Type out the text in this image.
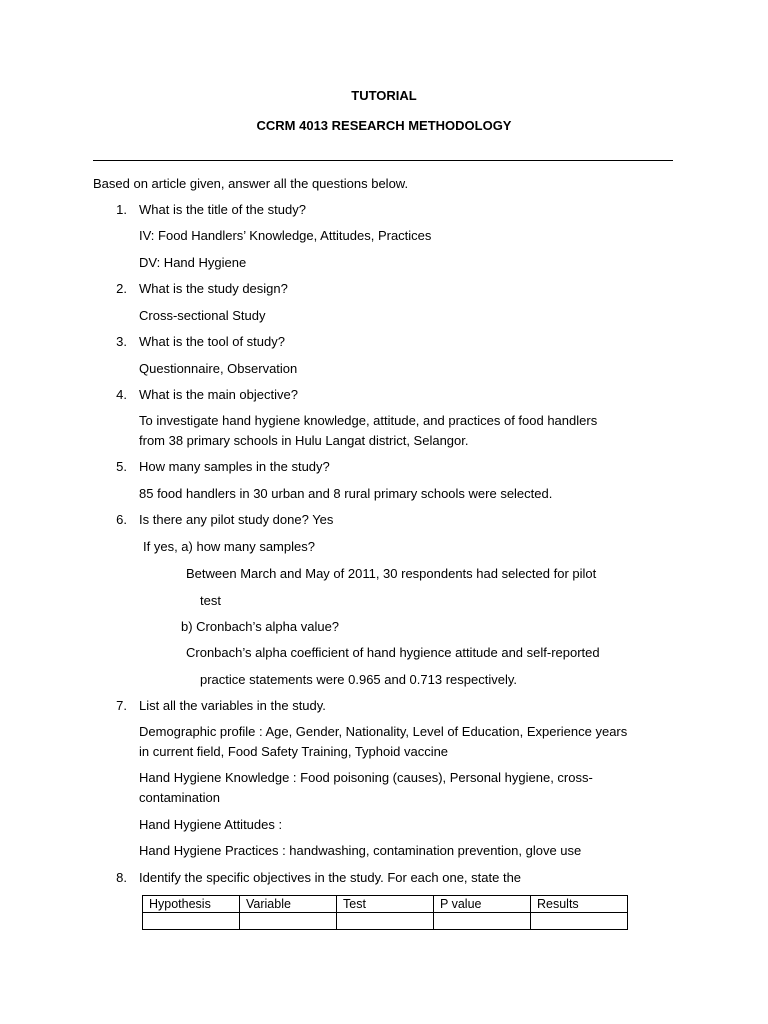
TUTORIAL
CCRM 4013 RESEARCH METHODOLOGY
Based on article given, answer all the questions below.
1. What is the title of the study?
IV: Food Handlers’ Knowledge, Attitudes, Practices
DV: Hand Hygiene
2. What is the study design?
Cross-sectional Study
3. What is the tool of study?
Questionnaire, Observation
4. What is the main objective?
To investigate hand hygiene knowledge, attitude, and practices of food handlers
from 38 primary schools in Hulu Langat district, Selangor.
5. How many samples in the study?
85 food handlers in 30 urban and 8 rural primary schools were selected.
6. Is there any pilot study done? Yes
If yes, a) how many samples?
Between March and May of 2011, 30 respondents had selected for pilot
test
b) Cronbach’s alpha value?
Cronbach’s alpha coefficient of hand hygience attitude and self-reported
practice statements were 0.965 and 0.713 respectively.
7. List all the variables in the study.
Demographic profile : Age, Gender, Nationality, Level of Education, Experience years
in current field, Food Safety Training, Typhoid vaccine
Hand Hygiene Knowledge : Food poisoning (causes), Personal hygiene, cross-
contamination
Hand Hygiene Attitudes :
Hand Hygiene Practices : handwashing, contamination prevention, glove use
8. Identify the specific objectives in the study. For each one, state the
Hypothesis	Variable	Test	P value	Results
